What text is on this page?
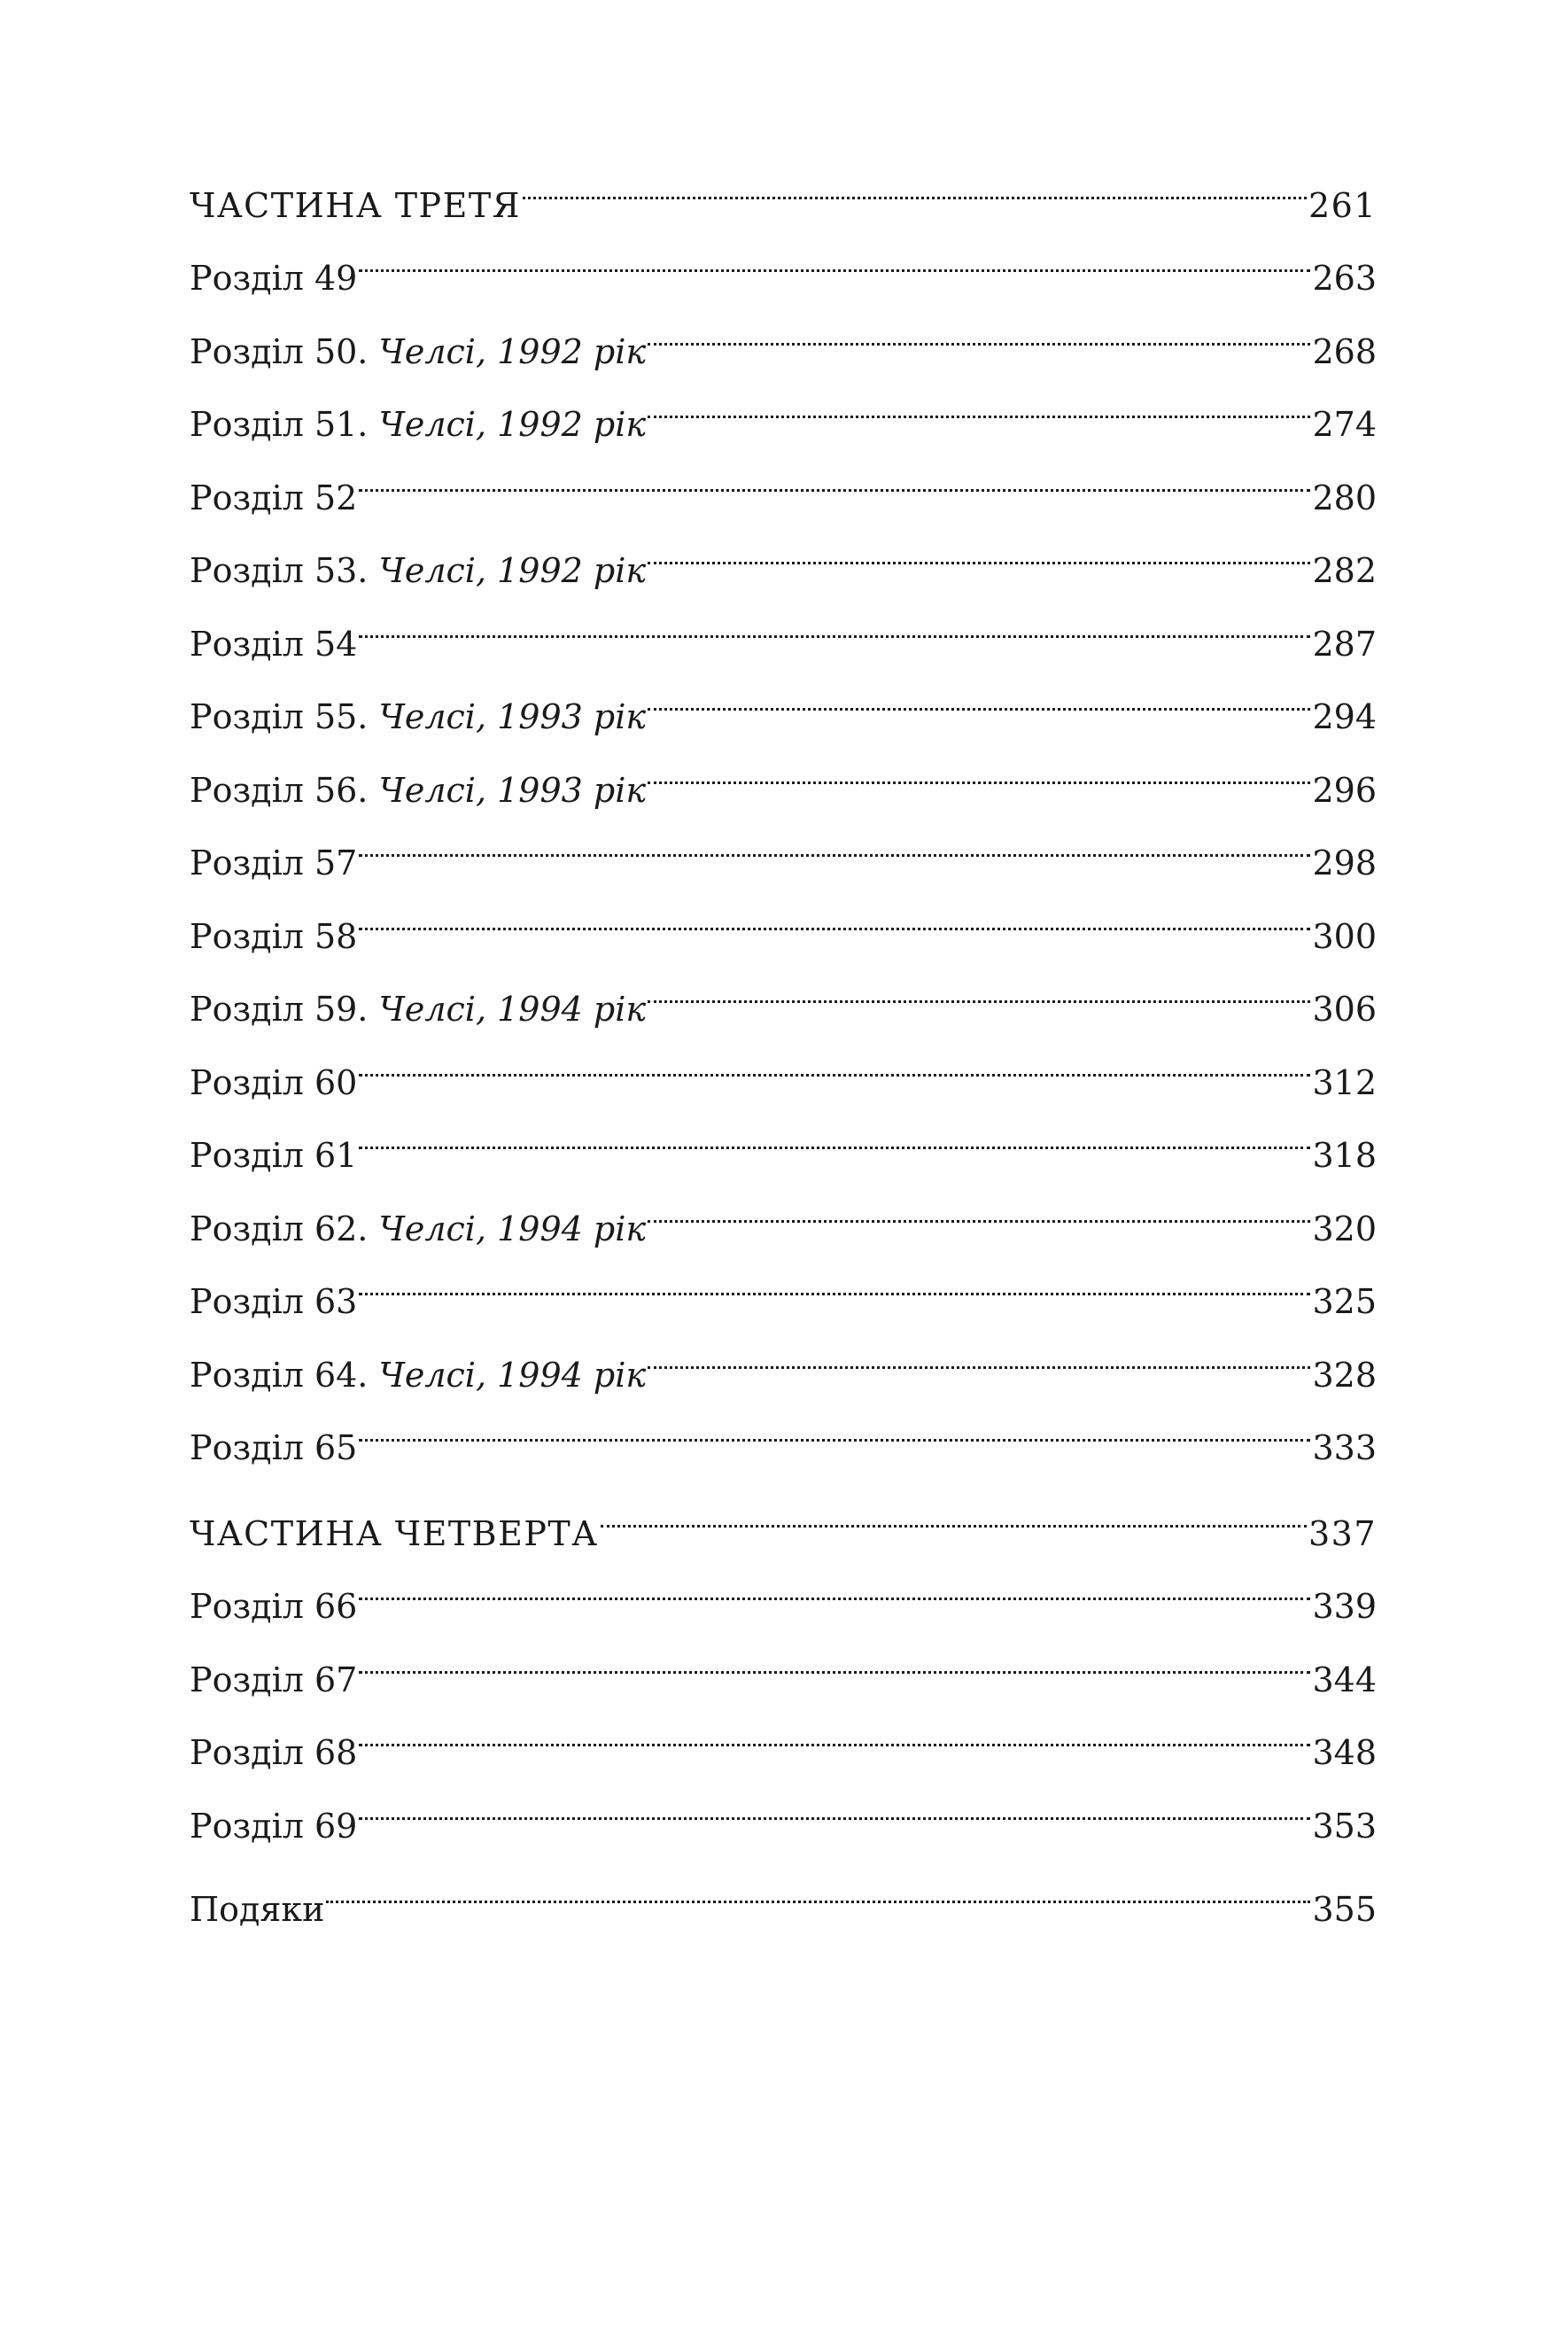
ЧАСТИНА ТРЕТЯ	261
Розділ 49	263
Розділ 50. Челсі, 1992 рік	268
Розділ 51. Челсі, 1992 рік	274
Розділ 52	280
Розділ 53. Челсі, 1992 рік	282
Розділ 54	287
Розділ 55. Челсі, 1993 рік	294
Розділ 56. Челсі, 1993 рік	296
Розділ 57	298
Розділ 58	300
Розділ 59. Челсі, 1994 рік	306
Розділ 60	312
Розділ 61	318
Розділ 62. Челсі, 1994 рік	320
Розділ 63	325
Розділ 64. Челсі, 1994 рік	328
Розділ 65	333
ЧАСТИНА ЧЕТВЕРТА	337
Розділ 66	339
Розділ 67	344
Розділ 68	348
Розділ 69	353
Подяки	355
